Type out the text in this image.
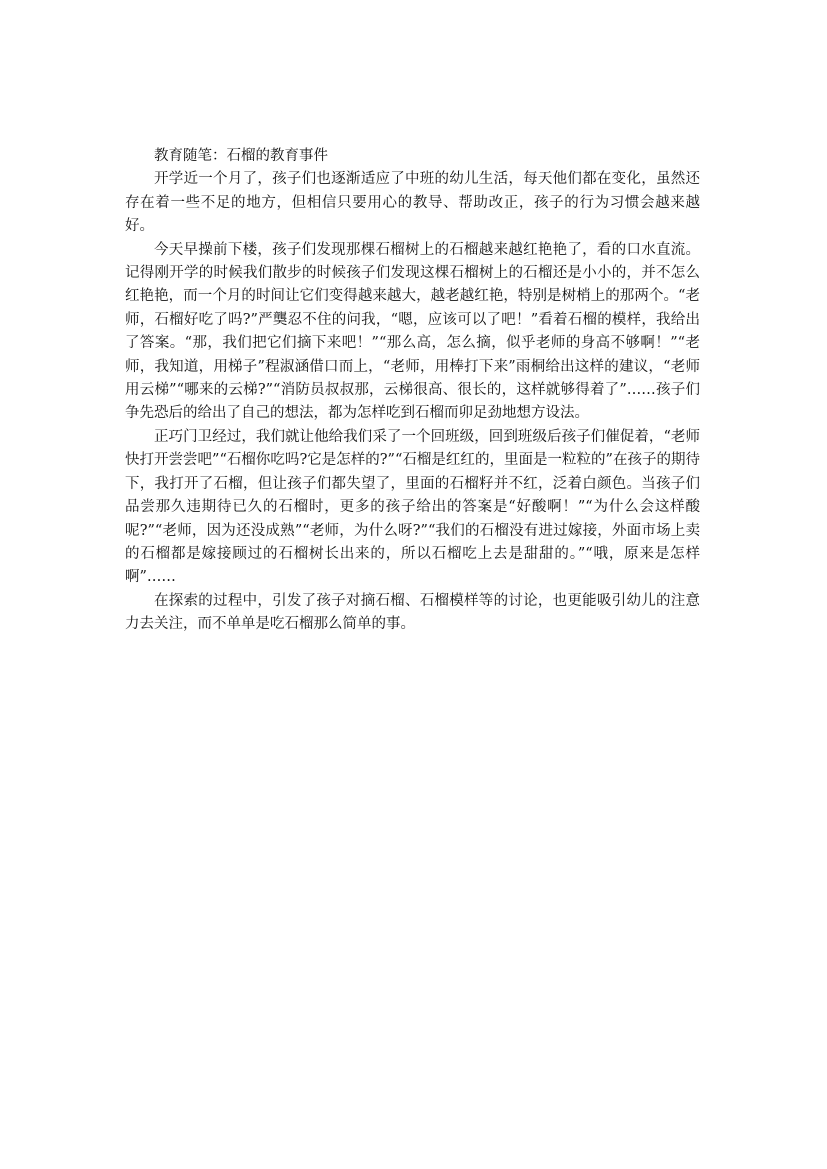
教育随笔：石榴的教育事件

开学近一个月了，孩子们也逐渐适应了中班的幼儿生活，每天他们都在变化，虽然还存在着一些不足的地方，但相信只要用心的教导、帮助改正，孩子的行为习惯会越来越好。

今天早操前下楼，孩子们发现那棵石榴树上的石榴越来越红艳艳了，看的口水直流。记得刚开学的时候我们散步的时候孩子们发现这棵石榴树上的石榴还是小小的，并不怎么红艳艳，而一个月的时间让它们变得越来越大，越老越红艳，特别是树梢上的那两个。“老师，石榴好吃了吗?”严龑忍不住的问我，“嗯，应该可以了吧！”看着石榴的模样，我给出了答案。“那，我们把它们摘下来吧！”“那么高，怎么摘，似乎老师的身高不够啊！”“老师，我知道，用梯子”程淑涵借口而上，“老师，用棒打下来”雨桐给出这样的建议，“老师用云梯”“哪来的云梯?”“消防员叔叔那，云梯很高、很长的，这样就够得着了”……孩子们争先恐后的给出了自己的想法，都为怎样吃到石榴而卯足劲地想方设法。

正巧门卫经过，我们就让他给我们采了一个回班级，回到班级后孩子们催促着，“老师快打开尝尝吧”“石榴你吃吗?它是怎样的?”“石榴是红红的，里面是一粒粒的”在孩子的期待下，我打开了石榴，但让孩子们都失望了，里面的石榴籽并不红，泛着白颜色。当孩子们品尝那久违期待已久的石榴时，更多的孩子给出的答案是“好酸啊！”“为什么会这样酸呢?”“老师，因为还没成熟”“老师，为什么呀?”“我们的石榴没有进过嫁接，外面市场上卖的石榴都是嫁接顾过的石榴树长出来的，所以石榴吃上去是甜甜的。”“哦，原来是怎样啊”……

在探索的过程中，引发了孩子对摘石榴、石榴模样等的讨论，也更能吸引幼儿的注意力去关注，而不单单是吃石榴那么简单的事。
